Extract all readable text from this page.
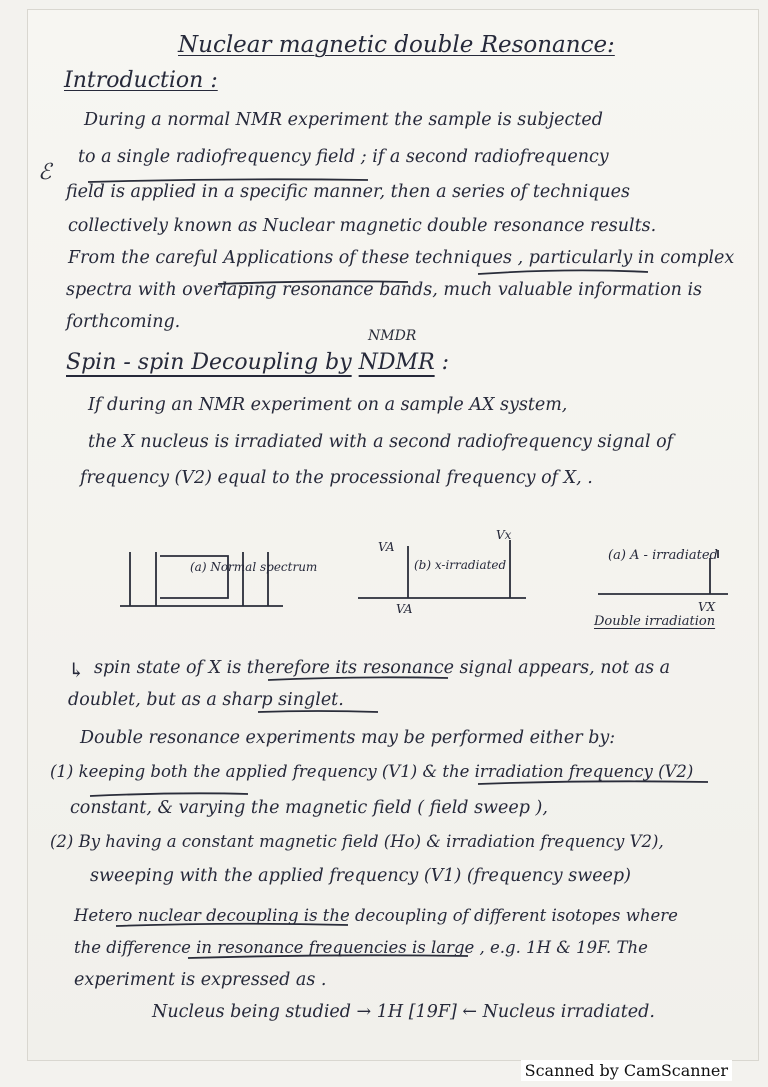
Nuclear magnetic double Resonance:
Introduction :
During a normal NMR experiment the sample is subjected
to a single radiofrequency field ; if a second radiofrequency
field is applied in a specific manner, then a series of techniques
collectively known as Nuclear magnetic double resonance results.
From the careful Applications of these techniques , particularly in complex
spectra with overlaping resonance bands, much valuable information is
forthcoming.
ℰ
NMDR
Spin - spin Decoupling by NDMR :
If during an NMR experiment on a sample AX system,
the X nucleus is irradiated with a second radiofrequency signal of
frequency (V2) equal to the processional frequency of X, .
(a) Normal spectrum
VA
(b) x-irradiated
Vx
(a) A - irradiated
VA	VX
Double irradiation
↳ spin state of X is therefore its resonance signal appears, not as a
doublet, but as a sharp singlet.
Double resonance experiments may be performed either by:
(1) keeping both the applied frequency (V1) & the irradiation frequency (V2)
constant, & varying the magnetic field ( field sweep ),
(2) By having a constant magnetic field (Ho) & irradiation frequency V2),
sweeping with the applied frequency (V1) (frequency sweep)
Hetero nuclear decoupling is the decoupling of different isotopes where
the difference in resonance frequencies is large , e.g. 1H & 19F. The
experiment is expressed as .
Nucleus being studied → 1H [19F] ← Nucleus irradiated.
Scanned by CamScanner
